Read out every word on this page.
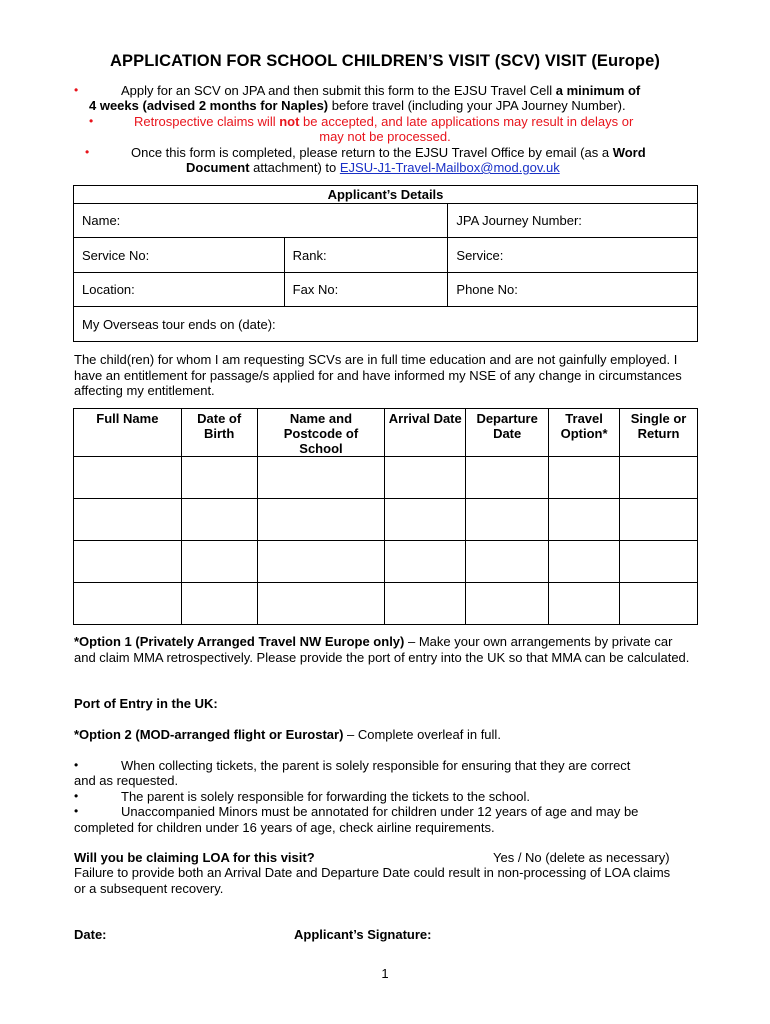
APPLICATION FOR SCHOOL CHILDREN’S VISIT (SCV) VISIT (Europe)
•	Apply for an SCV on JPA and then submit this form to the EJSU Travel Cell a minimum of
4 weeks (advised 2 months for Naples) before travel (including your JPA Journey Number).
•	Retrospective claims will not be accepted, and late applications may result in delays or
may not be processed.
•	Once this form is completed, please return to the EJSU Travel Office by email (as a Word
Document attachment) to EJSU-J1-Travel-Mailbox@mod.gov.uk
Applicant’s Details		
Name:		JPA Journey Number:
Service No:	Rank:	Service:
Location:	Fax No:	Phone No:
My Overseas tour ends on (date):		
The child(ren) for whom I am requesting SCVs are in full time education and are not gainfully employed. I have an entitlement for passage/s applied for and have informed my NSE of any change in circumstances affecting my entitlement.
Full Name	Date of Birth	Name and Postcode of School	Arrival Date	Departure Date	Travel Option*	Single or Return

*Option 1 (Privately Arranged Travel NW Europe only) – Make your own arrangements by private car and claim MMA retrospectively. Please provide the port of entry into the UK so that MMA can be calculated.
Port of Entry in the UK:
*Option 2 (MOD-arranged flight or Eurostar) – Complete overleaf in full.
•	When collecting tickets, the parent is solely responsible for ensuring that they are correct
and as requested.
•	The parent is solely responsible for forwarding the tickets to the school.
•	Unaccompanied Minors must be annotated for children under 12 years of age and may be
completed for children under 16 years of age, check airline requirements.
Will you be claiming LOA for this visit?	Yes / No (delete as necessary)
Failure to provide both an Arrival Date and Departure Date could result in non-processing of LOA claims or a subsequent recovery.
Date:	Applicant’s Signature:
1
